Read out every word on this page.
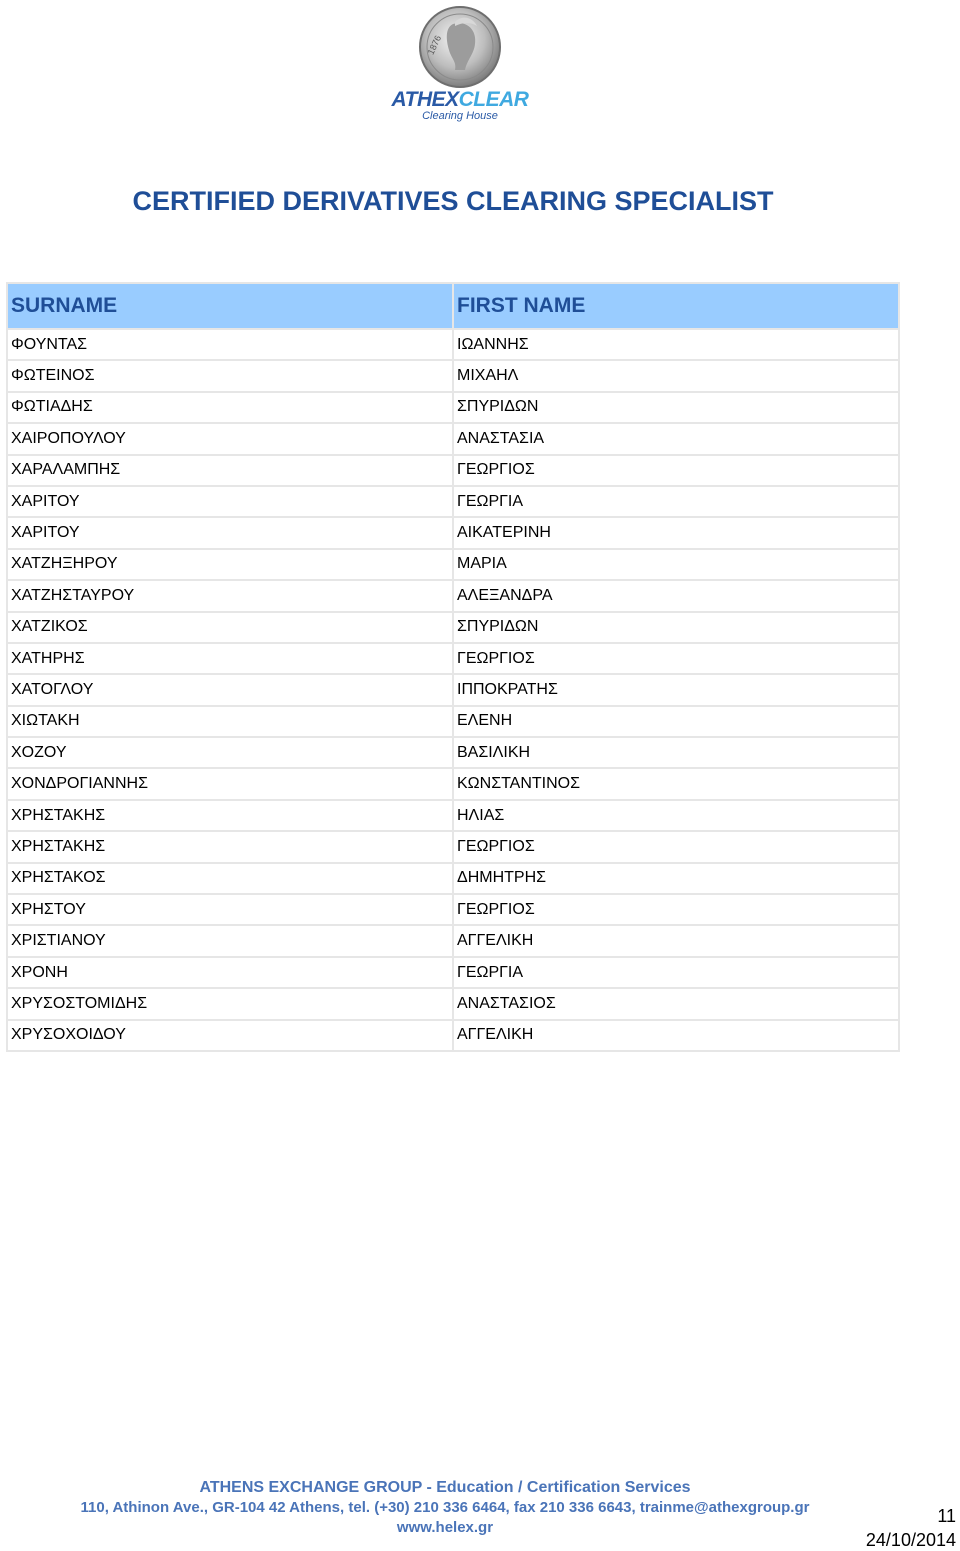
1876
ATHEXCLEAR
Clearing House
CERTIFIED DERIVATIVES CLEARING SPECIALIST
SURNAME	FIRST NAME
ΦΟΥΝΤΑΣ	ΙΩΑΝΝΗΣ
ΦΩΤΕΙΝΟΣ	ΜΙΧΑΗΛ
ΦΩΤΙΑΔΗΣ	ΣΠΥΡΙΔΩΝ
ΧΑΙΡΟΠΟΥΛΟΥ	ΑΝΑΣΤΑΣΙΑ
ΧΑΡΑΛΑΜΠΗΣ	ΓΕΩΡΓΙΟΣ
ΧΑΡΙΤΟΥ	ΓΕΩΡΓΙΑ
ΧΑΡΙΤΟΥ	ΑΙΚΑΤΕΡΙΝΗ
ΧΑΤΖΗΞΗΡΟΥ	ΜΑΡΙΑ
ΧΑΤΖΗΣΤΑΥΡΟΥ	ΑΛΕΞΑΝΔΡΑ
ΧΑΤΖΙΚΟΣ	ΣΠΥΡΙΔΩΝ
ΧΑΤΗΡΗΣ	ΓΕΩΡΓΙΟΣ
ΧΑΤΟΓΛΟΥ	ΙΠΠΟΚΡΑΤΗΣ
ΧΙΩΤΑΚΗ	ΕΛΕΝΗ
ΧΟΖΟΥ	ΒΑΣΙΛΙΚΗ
ΧΟΝΔΡΟΓΙΑΝΝΗΣ	ΚΩΝΣΤΑΝΤΙΝΟΣ
ΧΡΗΣΤΑΚΗΣ	ΗΛΙΑΣ
ΧΡΗΣΤΑΚΗΣ	ΓΕΩΡΓΙΟΣ
ΧΡΗΣΤΑΚΟΣ	ΔΗΜΗΤΡΗΣ
ΧΡΗΣΤΟΥ	ΓΕΩΡΓΙΟΣ
ΧΡΙΣΤΙΑΝΟΥ	ΑΓΓΕΛΙΚΗ
ΧΡΟΝΗ	ΓΕΩΡΓΙΑ
ΧΡΥΣΟΣΤΟΜΙΔΗΣ	ΑΝΑΣΤΑΣΙΟΣ
ΧΡΥΣΟΧΟΙΔΟΥ	ΑΓΓΕΛΙΚΗ
ATHENS EXCHANGE GROUP - Education / Certification Services
110, Athinon Ave., GR-104 42 Athens, tel. (+30) 210 336 6464, fax 210 336 6643, trainme@athexgroup.gr
www.helex.gr
11
24/10/2014
